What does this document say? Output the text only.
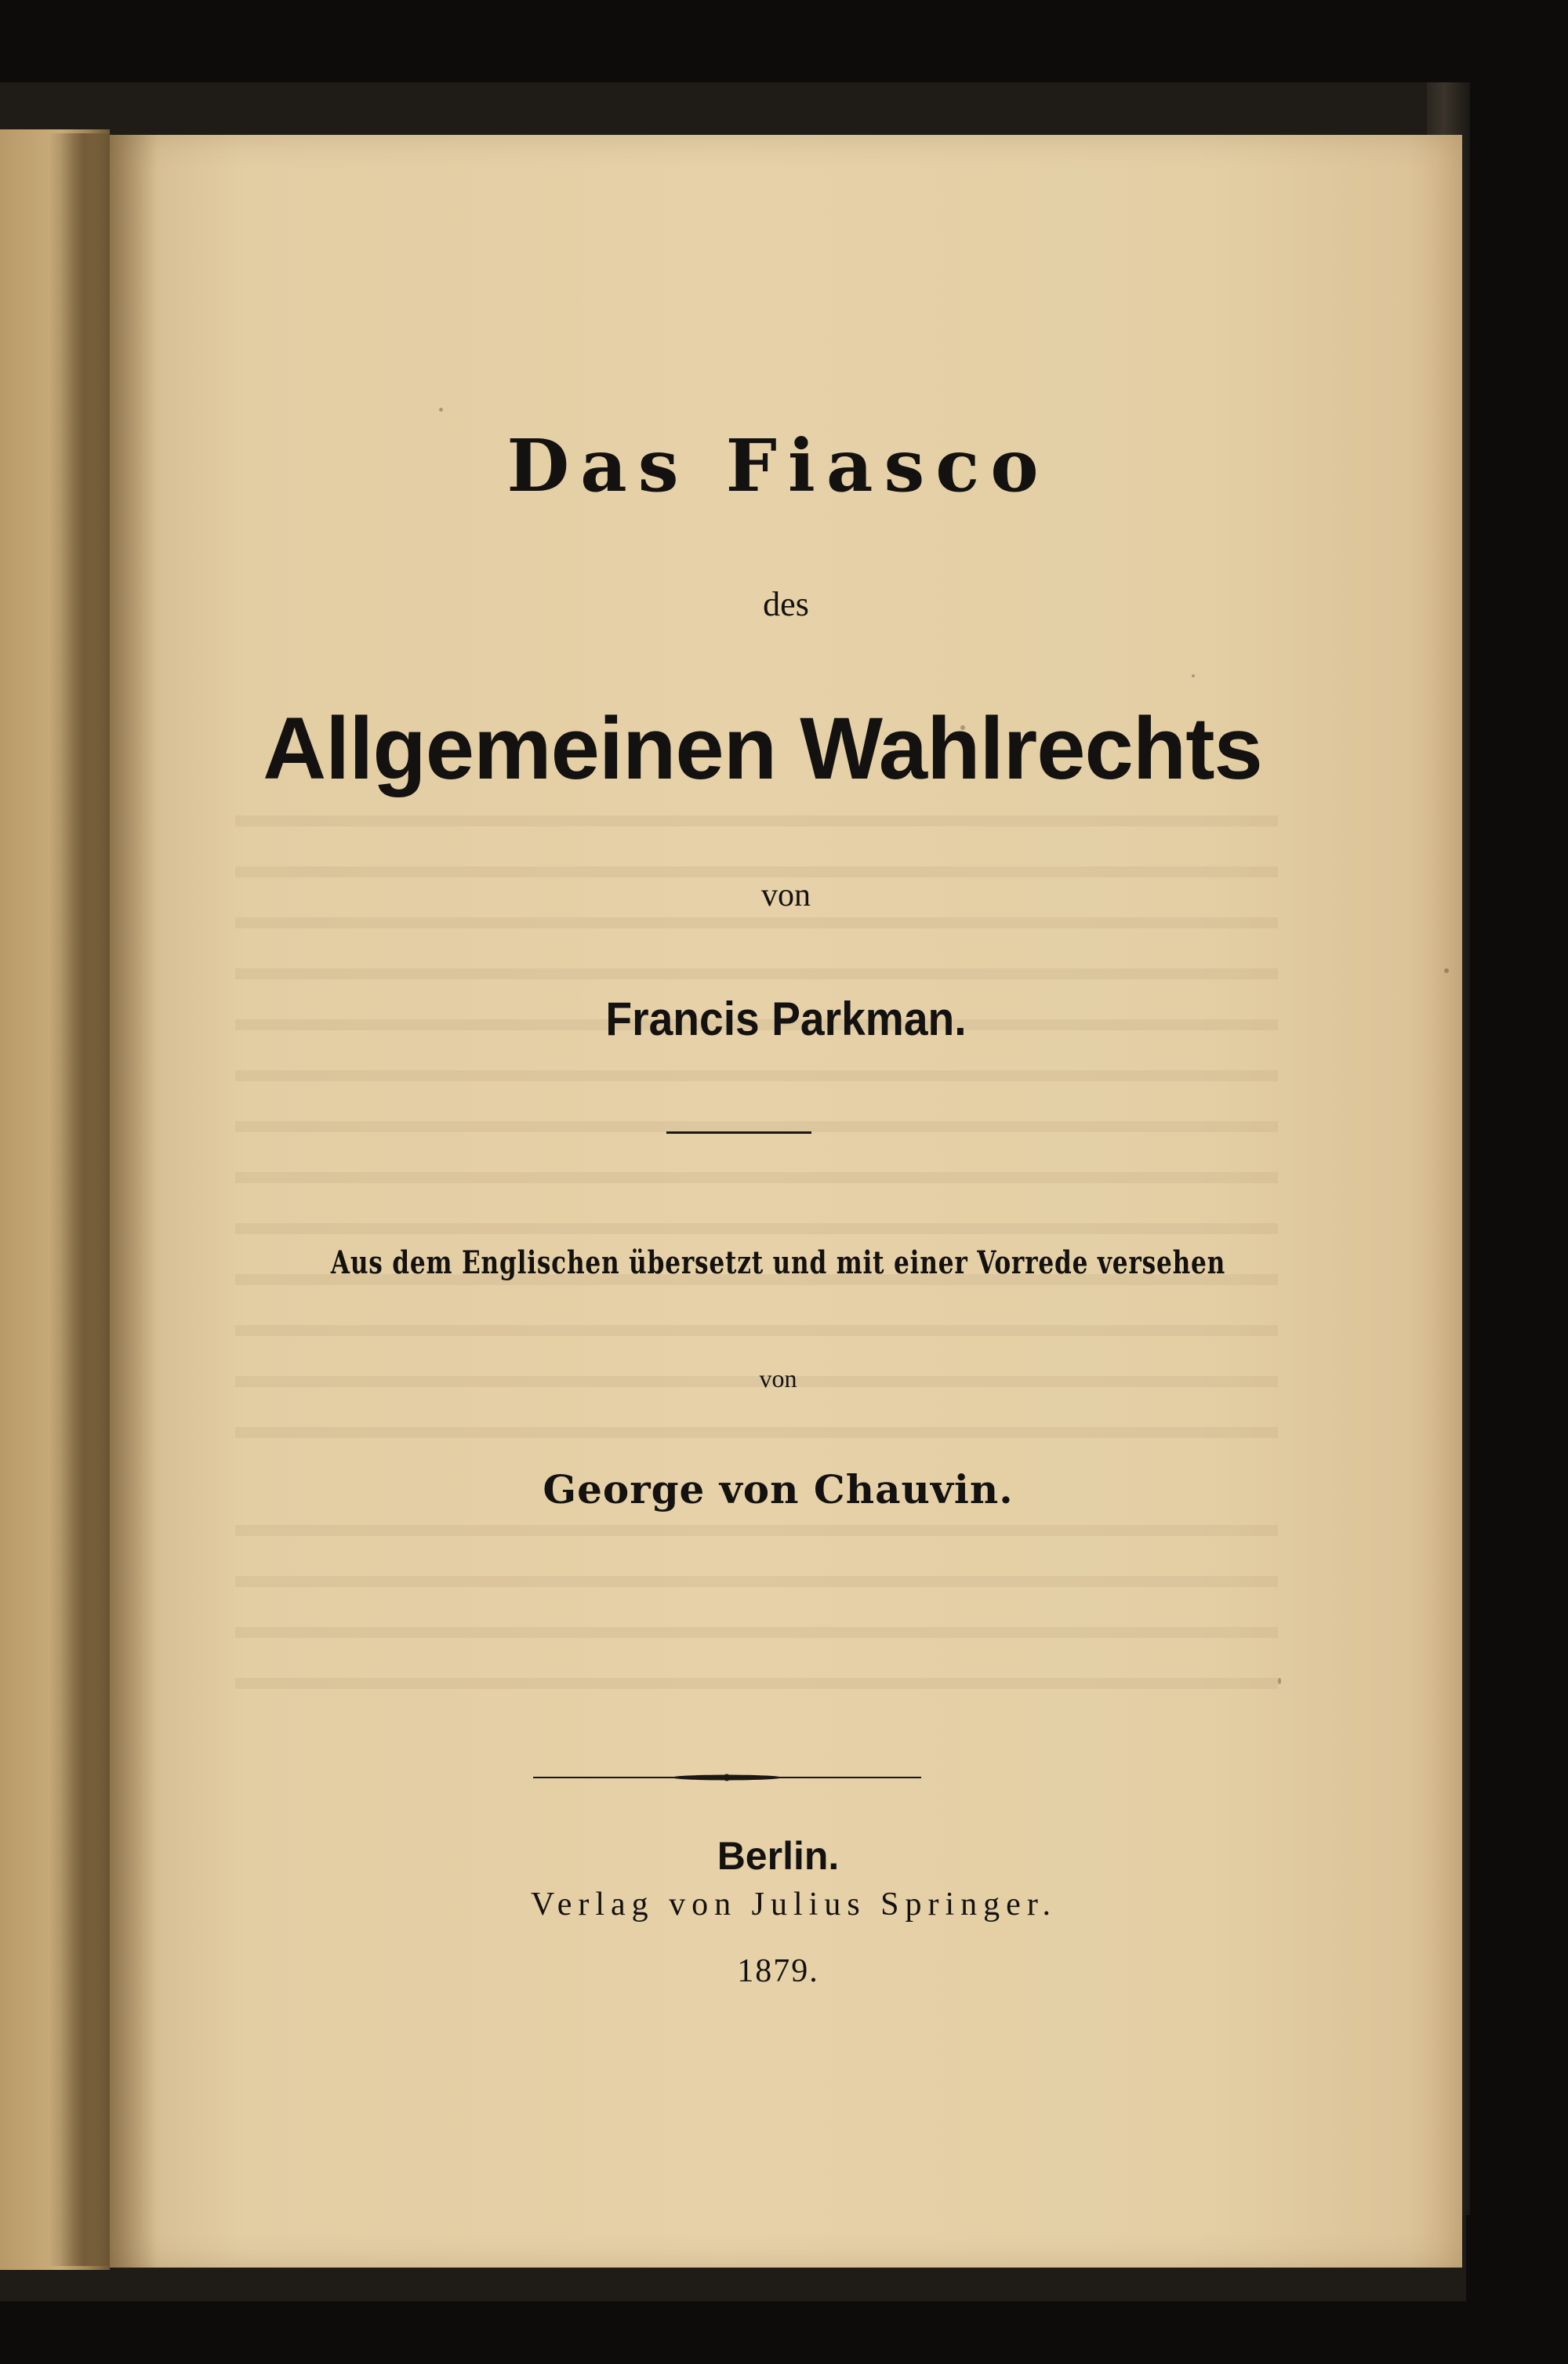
Das Fiasco
des
Allgemeinen Wahlrechts
von
Francis Parkman.
Aus dem Englischen übersetzt und mit einer Vorrede versehen
von
George von Chauvin.
Berlin.
Verlag von Julius Springer.
1879.
